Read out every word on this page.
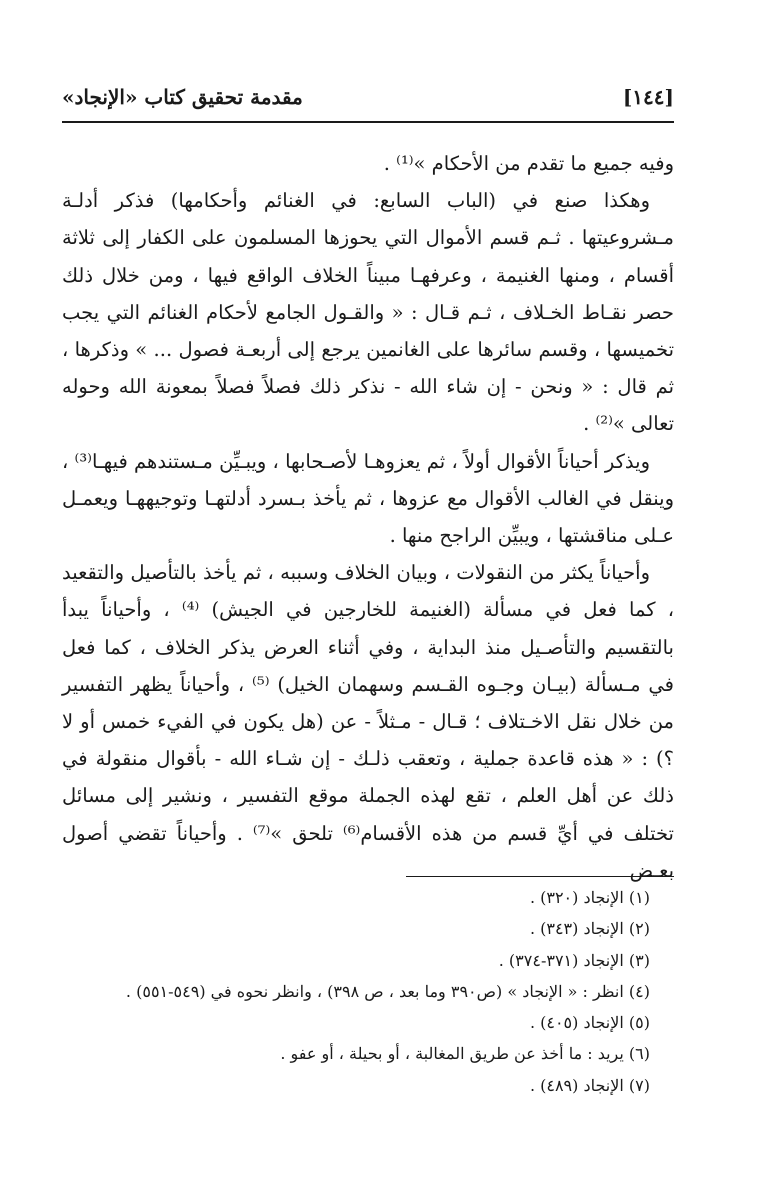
[١٤٤]
مقدمة تحقيق كتاب «الإنجاد»

وفيه جميع ما تقدم من الأحكام »⁽¹⁾ .

وهكذا صنع في (الباب السابع: في الغنائم وأحكامها) فذكر أدلـة مـشروعيتها . ثـم قسم الأموال التي يحوزها المسلمون على الكفار إلى ثلاثة أقسام ، ومنها الغنيمة ، وعرفهـا مبيناً الخلاف الواقع فيها ، ومن خلال ذلك حصر نقـاط الخـلاف ، ثـم قـال : « والقـول الجامع لأحكام الغنائم التي يجب تخميسها ، وقسم سائرها على الغانمين يرجع إلى أربعـة فصول ... » وذكرها ، ثم قال : « ونحن - إن شاء الله - نذكر ذلك فصلاً فصلاً بمعونة الله وحوله تعالى »⁽²⁾ .

ويذكر أحياناً الأقوال أولاً ، ثم يعزوهـا لأصـحابها ، ويبـيِّن مـستندهم فيهـا⁽³⁾ ، وينقل في الغالب الأقوال مع عزوها ، ثم يأخذ بـسرد أدلتهـا وتوجيههـا ويعمـل عـلى مناقشتها ، ويبيِّن الراجح منها .

وأحياناً يكثر من النقولات ، وبيان الخلاف وسببه ، ثم يأخذ بالتأصيل والتقعيد ، كما فعل في مسألة (الغنيمة للخارجين في الجيش) ⁽⁴⁾ ، وأحياناً يبدأ بالتقسيم والتأصـيل منذ البداية ، وفي أثناء العرض يذكر الخلاف ، كما فعل في مـسألة (بيـان وجـوه القـسم وسهمان الخيل) ⁽⁵⁾ ، وأحياناً يظهر التفسير من خلال نقل الاخـتلاف ؛ قـال - مـثلاً - عن (هل يكون في الفيء خمس أو لا ؟) : « هذه قاعدة جملية ، وتعقب ذلـك - إن شـاء الله - بأقوال منقولة في ذلك عن أهل العلم ، تقع لهذه الجملة موقع التفسير ، ونشير إلى مسائل تختلف في أيِّ قسم من هذه الأقسام⁽⁶⁾ تلحق »⁽⁷⁾ . وأحياناً تقضي أصول بعـض

(١) الإنجاد (٣٢٠) .

(٢) الإنجاد (٣٤٣) .

(٣) الإنجاد (٣٧١-٣٧٤) .

(٤) انظر : « الإنجاد » (ص٣٩٠ وما بعد ، ص ٣٩٨) ، وانظر نحوه في (٥٤٩-٥٥١) .

(٥) الإنجاد (٤٠٥) .

(٦) يريد : ما أخذ عن طريق المغالبة ، أو بحيلة ، أو عفو .

(٧) الإنجاد (٤٨٩) .
